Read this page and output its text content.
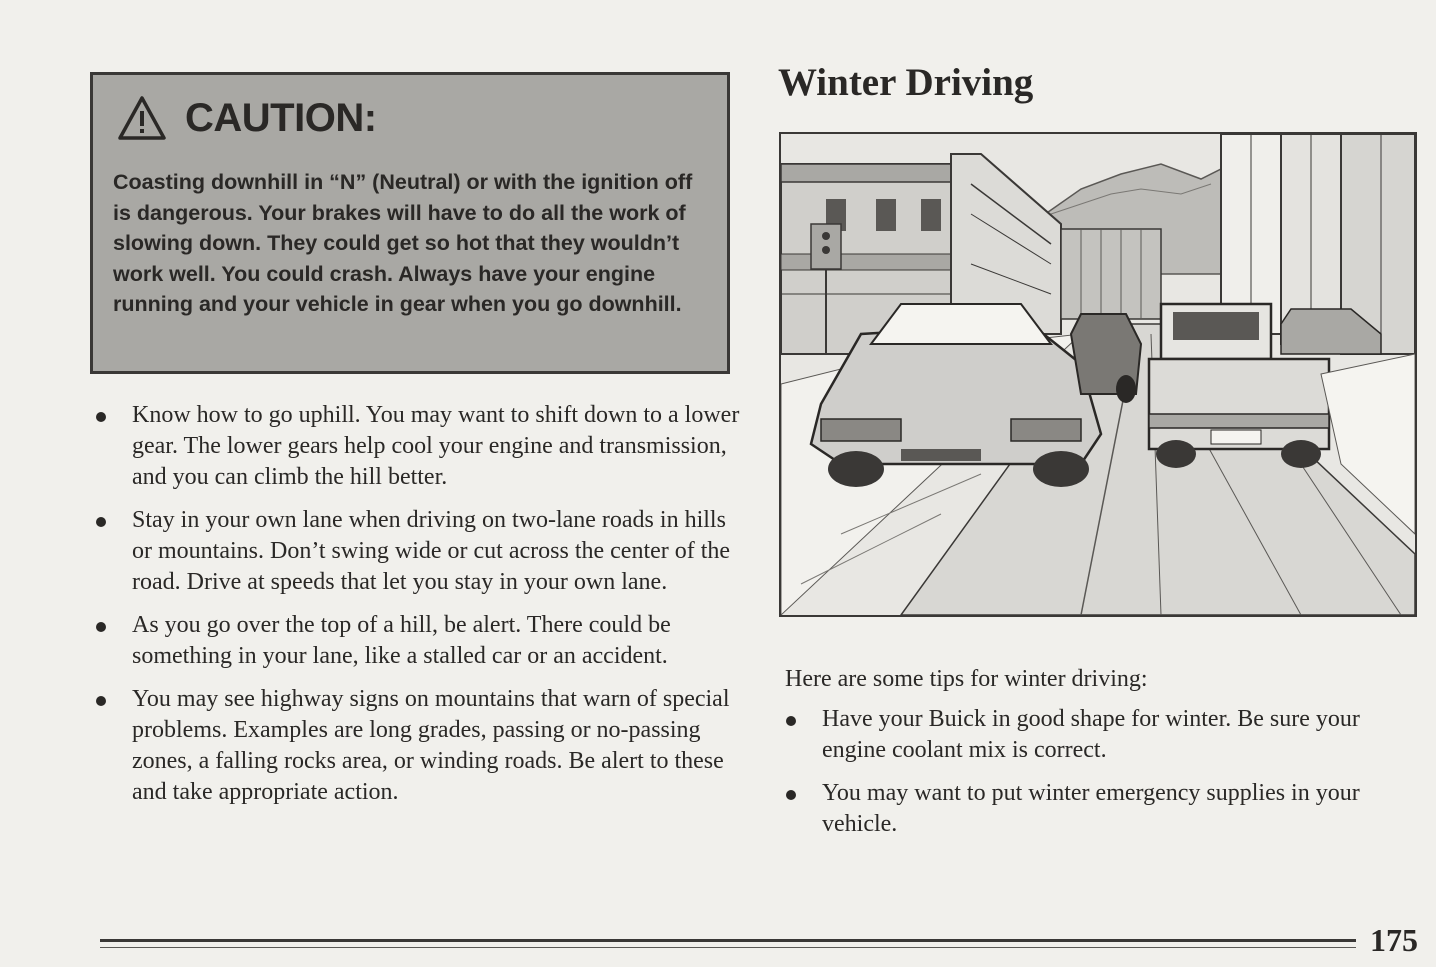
CAUTION:

Coasting downhill in “N” (Neutral) or with the ignition off is dangerous. Your brakes will have to do all the work of slowing down. They could get so hot that they wouldn’t work well. You could crash. Always have your engine running and your vehicle in gear when you go downhill.

Know how to go uphill. You may want to shift down to a lower gear. The lower gears help cool your engine and transmission, and you can climb the hill better.
Stay in your own lane when driving on two-lane roads in hills or mountains. Don’t swing wide or cut across the center of the road. Drive at speeds that let you stay in your own lane.
As you go over the top of a hill, be alert. There could be something in your lane, like a stalled car or an accident.
You may see highway signs on mountains that warn of special problems. Examples are long grades, passing or no-passing zones, a falling rocks area, or winding roads. Be alert to these and take appropriate action.
Winter Driving

Here are some tips for winter driving:

Have your Buick in good shape for winter. Be sure your engine coolant mix is correct.
You may want to put winter emergency supplies in your vehicle.

175
